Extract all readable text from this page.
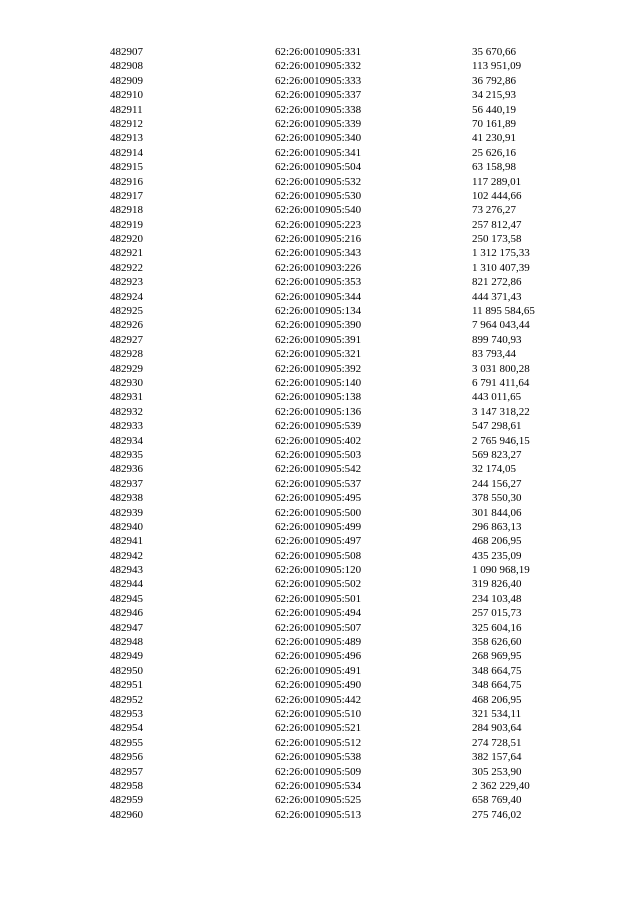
482907	62:26:0010905:331	35 670,66
482908	62:26:0010905:332	113 951,09
482909	62:26:0010905:333	36 792,86
482910	62:26:0010905:337	34 215,93
482911	62:26:0010905:338	56 440,19
482912	62:26:0010905:339	70 161,89
482913	62:26:0010905:340	41 230,91
482914	62:26:0010905:341	25 626,16
482915	62:26:0010905:504	63 158,98
482916	62:26:0010905:532	117 289,01
482917	62:26:0010905:530	102 444,66
482918	62:26:0010905:540	73 276,27
482919	62:26:0010905:223	257 812,47
482920	62:26:0010905:216	250 173,58
482921	62:26:0010905:343	1 312 175,33
482922	62:26:0010903:226	1 310 407,39
482923	62:26:0010905:353	821 272,86
482924	62:26:0010905:344	444 371,43
482925	62:26:0010905:134	11 895 584,65
482926	62:26:0010905:390	7 964 043,44
482927	62:26:0010905:391	899 740,93
482928	62:26:0010905:321	83 793,44
482929	62:26:0010905:392	3 031 800,28
482930	62:26:0010905:140	6 791 411,64
482931	62:26:0010905:138	443 011,65
482932	62:26:0010905:136	3 147 318,22
482933	62:26:0010905:539	547 298,61
482934	62:26:0010905:402	2 765 946,15
482935	62:26:0010905:503	569 823,27
482936	62:26:0010905:542	32 174,05
482937	62:26:0010905:537	244 156,27
482938	62:26:0010905:495	378 550,30
482939	62:26:0010905:500	301 844,06
482940	62:26:0010905:499	296 863,13
482941	62:26:0010905:497	468 206,95
482942	62:26:0010905:508	435 235,09
482943	62:26:0010905:120	1 090 968,19
482944	62:26:0010905:502	319 826,40
482945	62:26:0010905:501	234 103,48
482946	62:26:0010905:494	257 015,73
482947	62:26:0010905:507	325 604,16
482948	62:26:0010905:489	358 626,60
482949	62:26:0010905:496	268 969,95
482950	62:26:0010905:491	348 664,75
482951	62:26:0010905:490	348 664,75
482952	62:26:0010905:442	468 206,95
482953	62:26:0010905:510	321 534,11
482954	62:26:0010905:521	284 903,64
482955	62:26:0010905:512	274 728,51
482956	62:26:0010905:538	382 157,64
482957	62:26:0010905:509	305 253,90
482958	62:26:0010905:534	2 362 229,40
482959	62:26:0010905:525	658 769,40
482960	62:26:0010905:513	275 746,02
